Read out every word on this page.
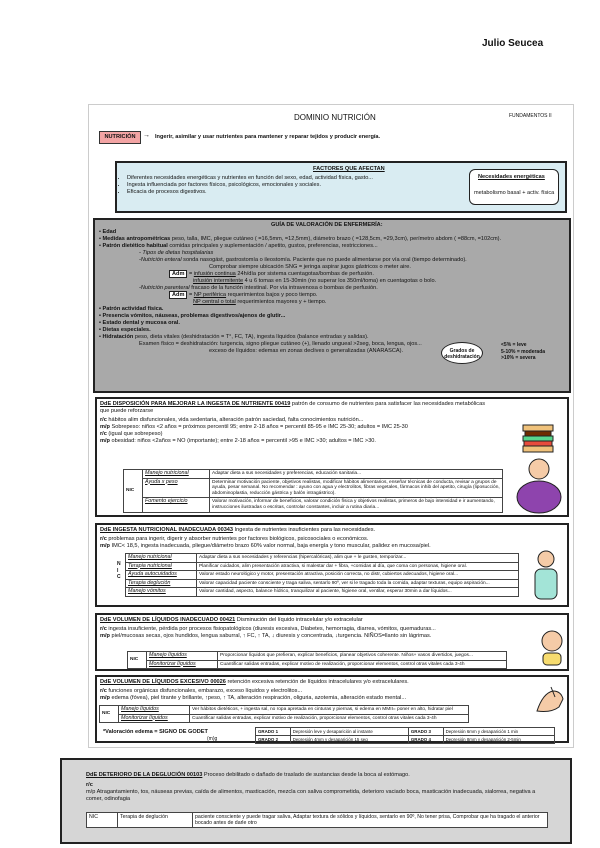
Julio Seucea
DOMINIO NUTRICIÓN	FUNDAMENTOS II
NUTRICIÓN	→ Ingerir, asimilar y usar nutrientes para mantener y reparar tejidos y producir energía.
FACTORES QUE AFECTAN
• Diferentes necesidades energéticas y nutrientes en función del sexo, edad, actividad física, gasto...
• Ingesta influenciada por factores físicos, psicológicos, emocionales y sociales.
• Eficacia de procesos digestivos.
Necesidades energéticas
metabolismo basal + activ. física
GUÍA DE VALORACIÓN DE ENFERMERÍA:
• Edad
• Medidas antropométricas peso, talla, IMC, pliegue cutáneo ( =16,5mm, =12,5mm), diámetro brazo ( =128,5cm, =29,3cm), perímetro abdom ( =88cm, =102cm).
• Patrón dietético habitual comidas principales y suplementación / apetito, gustos, preferencias, restricciones...
- Tipos de dietas hospitalarias
-Nutrición enteral sonda nasogást, gastrostomía o ileostomía. Paciente que no puede alimentarse por vía oral (tiempo determinado).
Comprobar siempre ubicación SNG = jeringa aspirar jugos gástricos o meter aire.
Adm = infusión continua 24h/día por sistema cuentagotas/bombas de perfusión.
infusión intermitente 4 u 6 tomas en 15-30min (no superar los 350ml/toma) en cuentagotas o bolo.
-Nutrición parenteral fracaso de la función intestinal. Por vía intravenosa o bombas de perfusión.
Adm = NP periférica requerimientos bajos y poco tiempo.
NP central o total requerimientos mayores y + tiempo.
• Patrón actividad física.
• Presencia vómitos, náuseas, problemas digestivos/ajenos de glutir...
• Estado dental y mucosa oral.
• Dietas especiales.
• Hidratación peso, dieta vitales (deshidratación = T°, FC, TA), ingesta líquidos (balance entradas y salidas).
Examen físico = deshidratación: turgencia, signo pliegue cutáneo (+), llenado ungueal >2seg, boca, lengua, ojos...
exceso de líquidos: edemas en zonas declives o generalizadas (ANARASCA).	Grados de deshidratación
<5% = leve
5-10% = moderada
>10% = severa
DdE DISPOSICIÓN PARA MEJORAR LA INGESTA DE NUTRIENTE 00419 patrón de consumo de nutrientes para satisfacer las necesidades metabólicas que puede reforzarse
r/c hábitos alim disfuncionales, vida sedentaria, alteración patrón saciedad, falta conocimientos nutrición...
m/p Sobrepeso: niños <2 años = próximos percentil 95; entre 2-18 años = percentil 85-95 e IMC 25-30; adultos = IMC 25-30
r/c (igual que sobrepeso)
m/p obesidad: niños <2años = NO (importante); entre 2-18 años = percentil >95 e IMC >30; adultos = IMC >30.
NIC	Manejo nutricional	Adaptar dieta a sus necesidades y preferencias, educación sanitaria...
	Ayuda x peso	Determinar motivación paciente, objetivos realistas, modificar hábitos alimentarios, enseñar técnicas de conducta, revisar a grupos de ayuda, pesar semanal. No recomendar : ayuno con agua y electrolitos, fibras vegetales, fármacos inhib del apetito, cirugía (liposucción, abdominoplastia, reducción gástrica y balón intragástrico).
	Fomento ejercicio	Valorar motivación, informar de beneficios, valorar condición física y objetivos realistas, primeros de bajo intensidad e ir aumentando, instrucciones ilustradas o escritas, controlar constantes, incluir a rutina diaria...
DdE INGESTA NUTRICIONAL INADECUADA 00343 Ingesta de nutrientes insuficientes para las necesidades.
r/c problemas para ingerir, digerir y absorber nutrientes por factores biológicos, psicosociales o económicos.
m/p IMC< 18,5, ingesta inadecuada, pliegue/diámetro brazo 60% valor normal, baja energía y tono muscular, palidez en mucosa/piel.
N
I
C
Manejo nutricional	Adaptar dieta a sus necesidades y referencias (hipercalóricas), alim que + le gusten, temporizar...
Terapia nutricional	Planificar cuidados, alim presentación atractiva, si malestar dar + fibra, +comidas al día, que coma con personas, higiene oral.
Ayuda autocuidados	Valorar estado neurológico y motor, presentación atractiva, posición correcta, no distr, cubiertos adecuados, higiene oral...
Terapia deglución	Valorar capacidad paciente consciente y traga saliva, sentarlo 90º, ver si le tragado toda la comida, adaptar texturas, equipo aspiración...
Manejo vómitos	Valorar cantidad, aspecto, balance hídrico, tranquilizar al paciente, higiene oral, ventilar, esperar 30min a dar líquidos...
DdE VOLUMEN DE LÍQUIDOS INADECUADO 00421 Disminución del líquido intracelular y/o extracelular
r/c ingesta insuficiente, pérdida por procesos fisiopatológicos (diuresis excesiva, Diabetes, hemorragia, diarrea, vómitos, quemaduras...
m/p piel/mucosas secas, ojos hundidos, lengua saburral, ↑ FC, ↑ TA, ↓ diuresis y concentrada, ↓turgencia. NIÑOS=llanto sin lágrimas.
NIC	Manejo líquidos	Proporcionar líquidos que prefieran, explicar beneficios, planear objetivos coherente. Niños+ vasos divertidos, juegos...
	Monitorizar líquidos	Cuantificar salidas entradas, explicar motivo de realización, proporcionar elementos, control otras vitales cada 3-4h
DdE VOLUMEN DE LÍQUIDOS EXCESIVO 00026 retención excesiva retención de líquidos intracelulares y/o extracelulares.
r/c funciones orgánicas disfuncionales, embarazo, exceso líquidos y electrolitos...
m/p edema (fóvea), piel tirante y brillante, ↑peso, ↑ TA, alteración respiración, oliguria, azotemia, alteración estado mental...
NIC	Manejo líquidos	Ver hábitos dietéticos, + ingesta sal, no ropa apretada en cinturas y piernas, si edema en MMII= poner en alto, hidratar piel
	Monitorizar líquidos	Cuantificar salidas entradas, explicar motivo de realización, proporcionar elementos, control otras vitales cada 3-4h
*Valoración edema = SIGNO DE GODET
(m)g
GRADO 1	Depresión leve y desaparición al instante	GRADO 3	Depresión 6mm y desaparición 1 min
GRADO 2	Depresión 4mm y desaparición 15 seg	GRADO 4	Depresión 8mm y desaparición 2-5min
DdE DETERIORO DE LA DEGLUCIÓN 00103 Proceso debilitado o dañado de traslado de sustancias desde la boca al estómago.
r/c
m/p Atragantamiento, tos, náuseas previas, caída de alimentos, masticación, mezcla con saliva comprometida, deterioro vaciado boca, masticación inadecuada, sialorrea, negativa a comer, odinofagia
NIC	Terapia de deglución	paciente consciente y puede tragar saliva, Adaptar textura de sólidos y líquidos, sentarlo en 90º, No tener prisa, Comprobar que ha tragado el anterior bocado antes de darle otro
